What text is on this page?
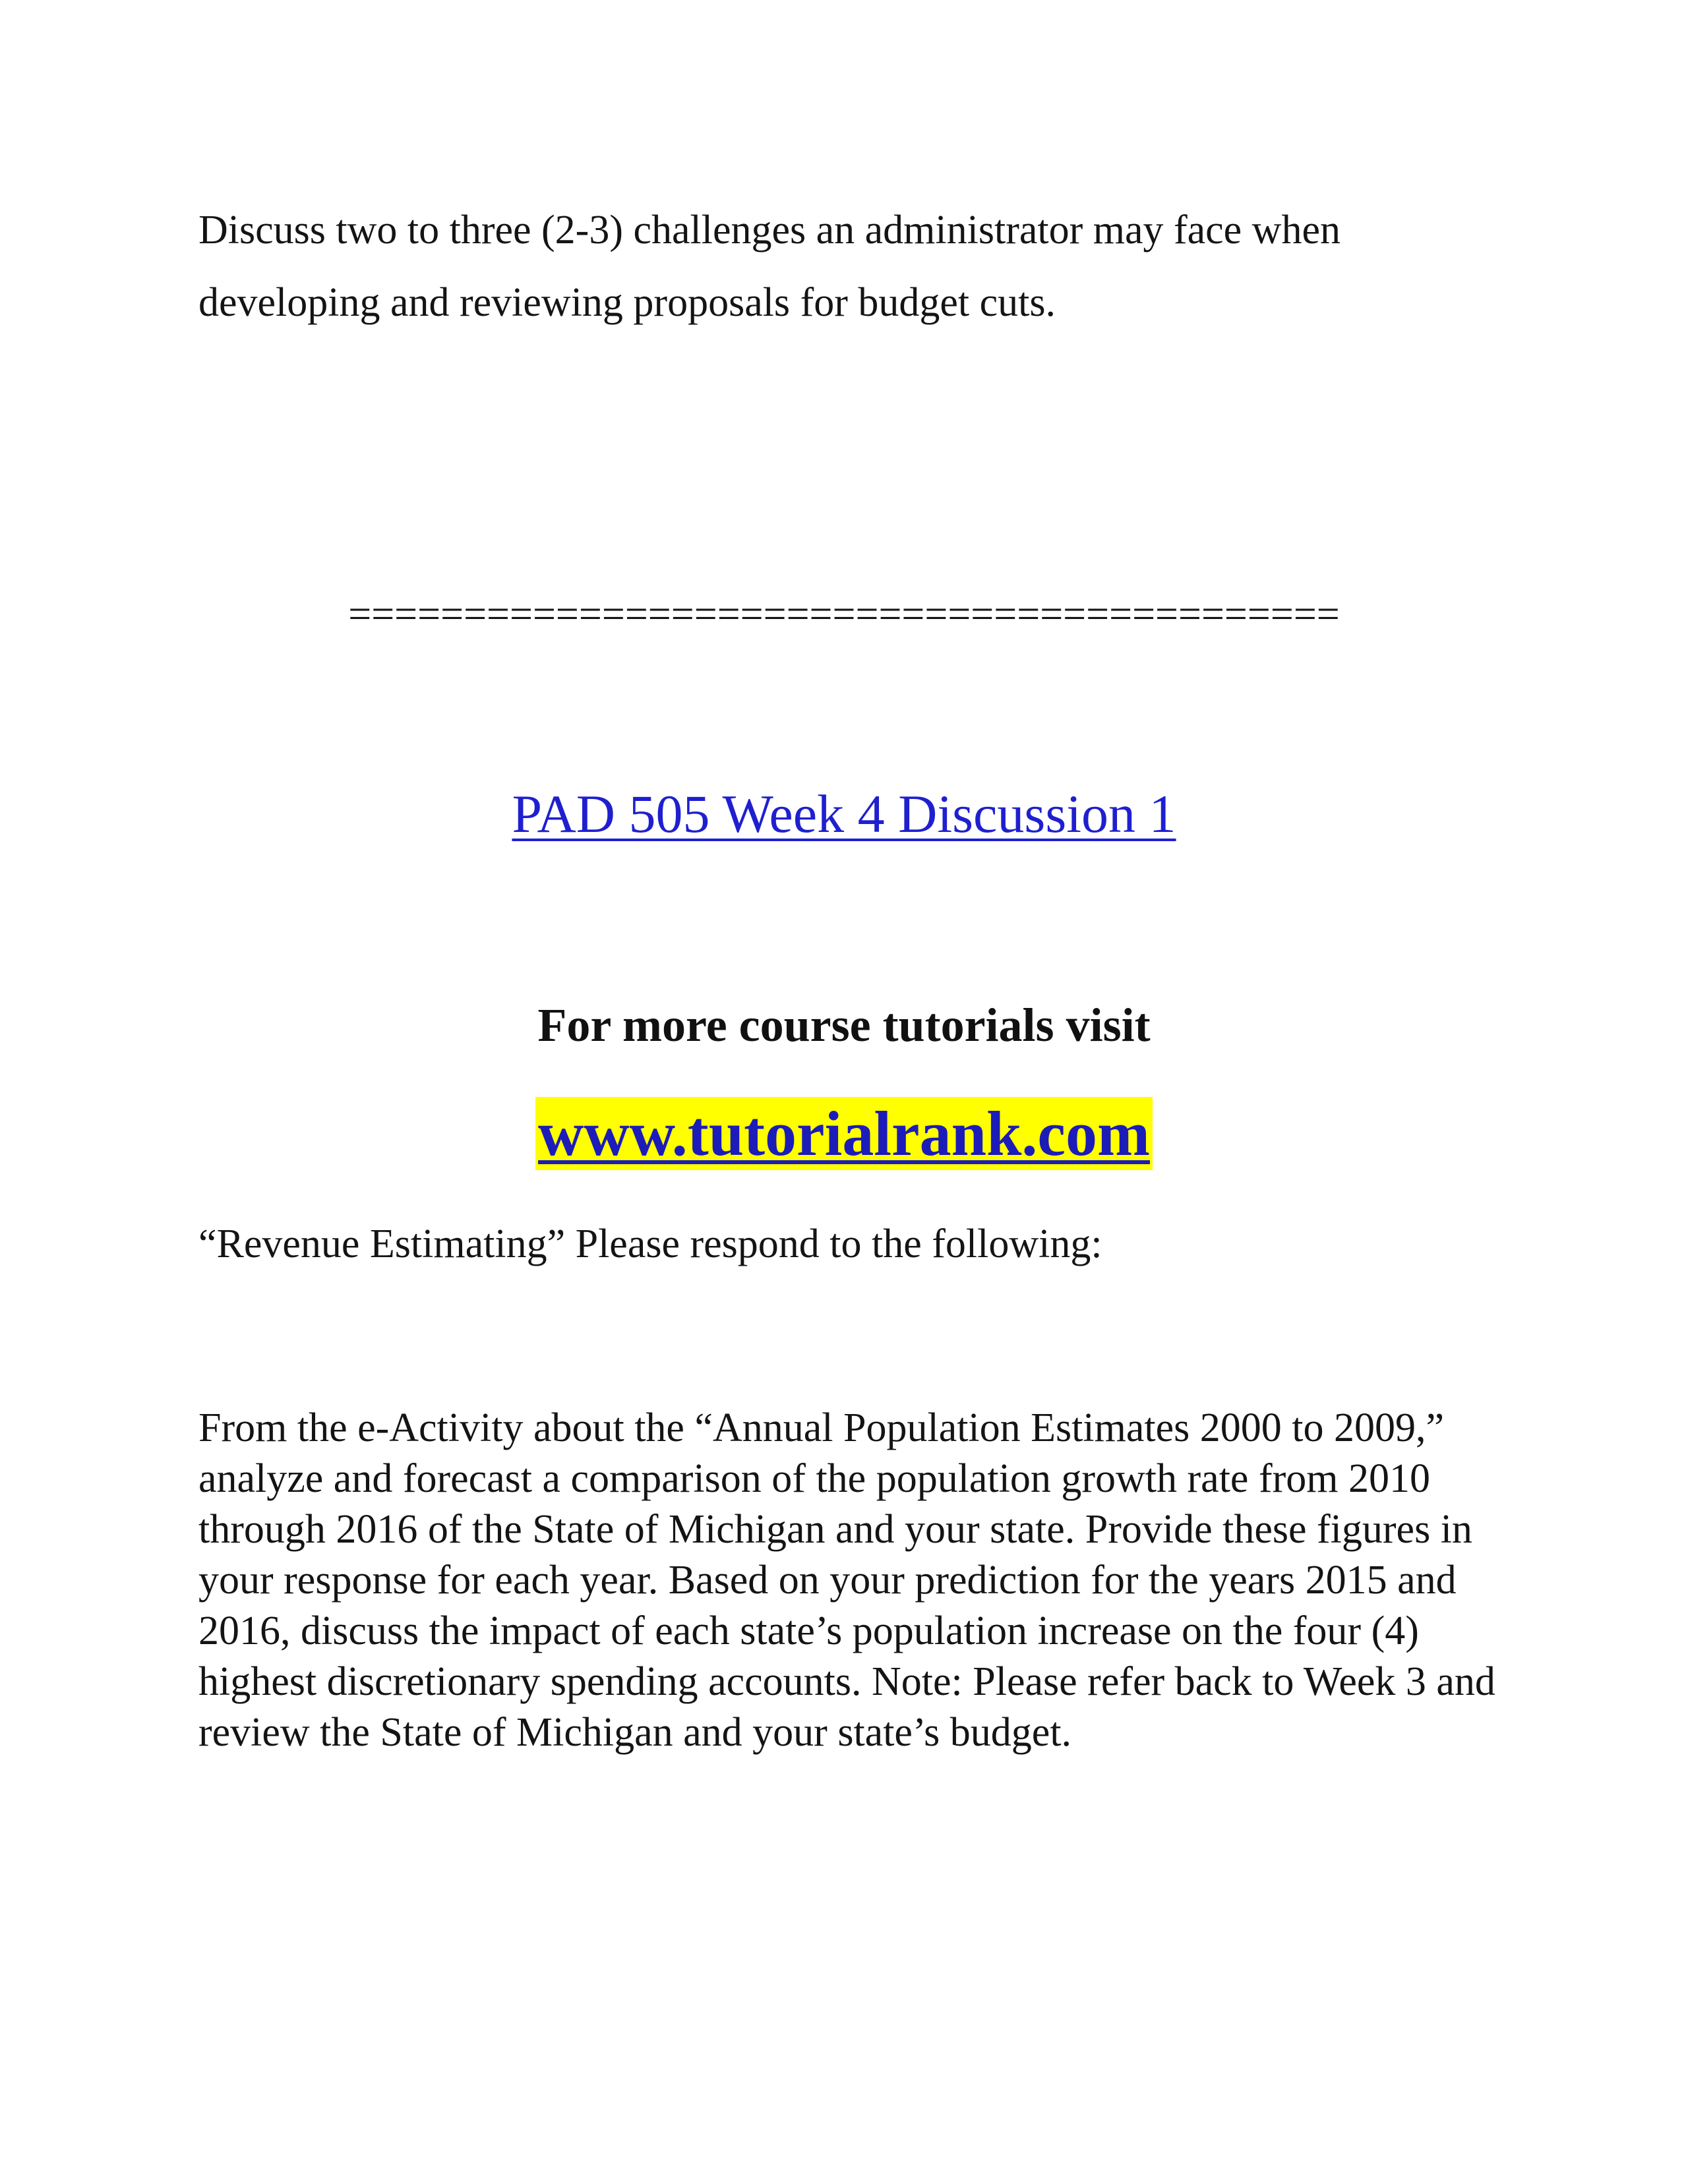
Discuss two to three (2-3) challenges an administrator may face when developing and reviewing proposals for budget cuts.

===========================================

PAD 505 Week 4 Discussion 1
For more course tutorials visit
www.tutorialrank.com

“Revenue Estimating” Please respond to the following:

From the e-Activity about the “Annual Population Estimates 2000 to 2009,” analyze and forecast a comparison of the population growth rate from 2010 through 2016 of the State of Michigan and your state. Provide these figures in your response for each year. Based on your prediction for the years 2015 and 2016, discuss the impact of each state’s population increase on the four (4) highest discretionary spending accounts. Note: Please refer back to Week 3 and review the State of Michigan and your state’s budget.
